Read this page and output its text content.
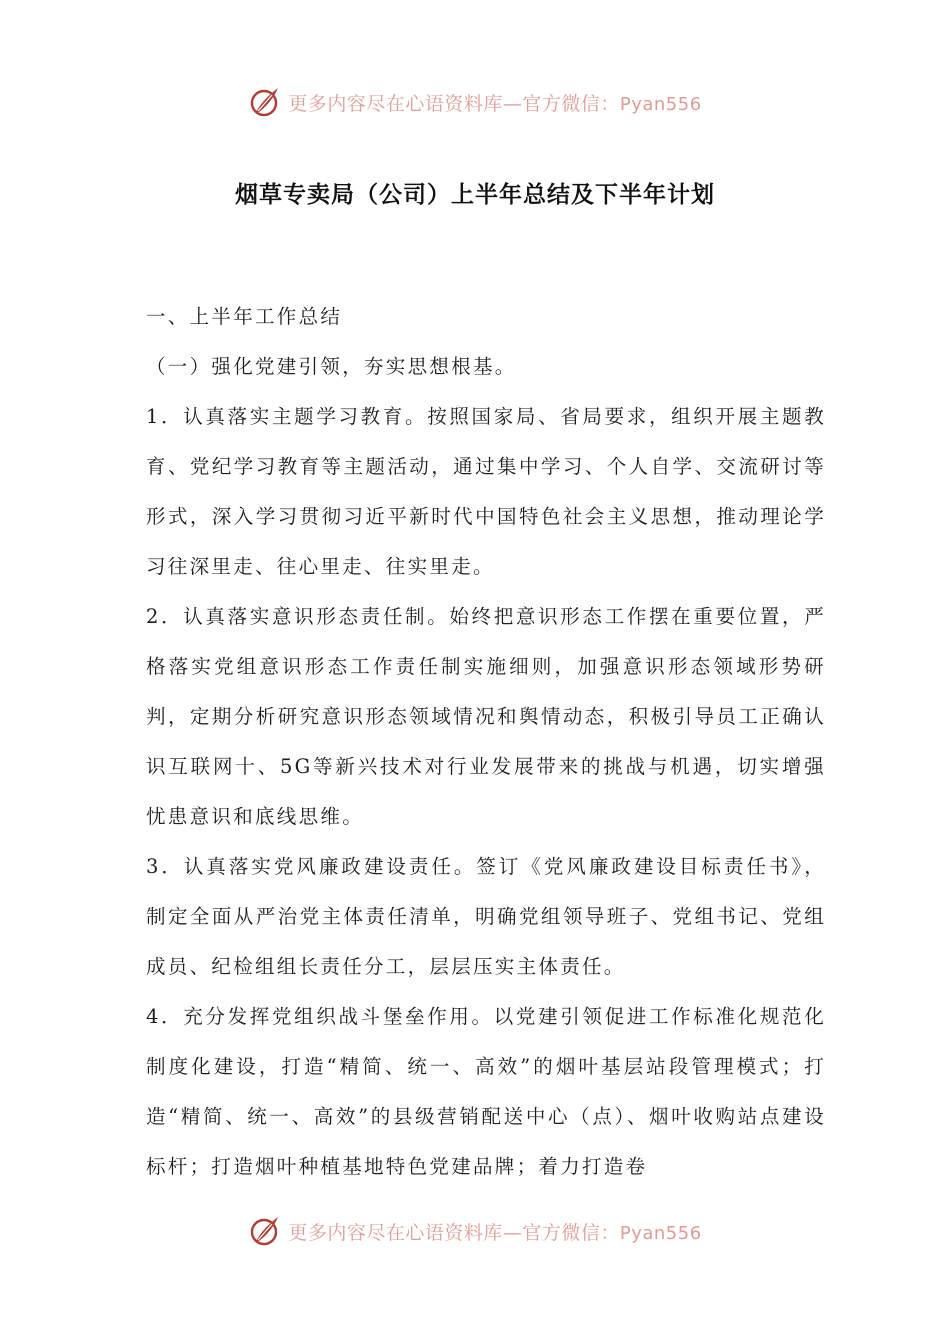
更多内容尽在心语资料库—官方微信：Pyan556
烟草专卖局（公司）上半年总结及下半年计划

一、上半年工作总结

（一）强化党建引领，夯实思想根基。

1．认真落实主题学习教育。按照国家局、省局要求，组织开展主题教育、党纪学习教育等主题活动，通过集中学习、个人自学、交流研讨等形式，深入学习贯彻习近平新时代中国特色社会主义思想，推动理论学习往深里走、往心里走、往实里走。

2．认真落实意识形态责任制。始终把意识形态工作摆在重要位置，严格落实党组意识形态工作责任制实施细则，加强意识形态领域形势研判，定期分析研究意识形态领域情况和舆情动态，积极引导员工正确认识互联网十、5G等新兴技术对行业发展带来的挑战与机遇，切实增强忧患意识和底线思维。

3．认真落实党风廉政建设责任。签订《党风廉政建设目标责任书》，制定全面从严治党主体责任清单，明确党组领导班子、党组书记、党组成员、纪检组组长责任分工，层层压实主体责任。

4．充分发挥党组织战斗堡垒作用。以党建引领促进工作标准化规范化制度化建设，打造“精简、统一、高效”的烟叶基层站段管理模式；打造“精简、统一、高效”的县级营销配送中心（点）、烟叶收购站点建设标杆；打造烟叶种植基地特色党建品牌；着力打造卷

更多内容尽在心语资料库—官方微信：Pyan556
